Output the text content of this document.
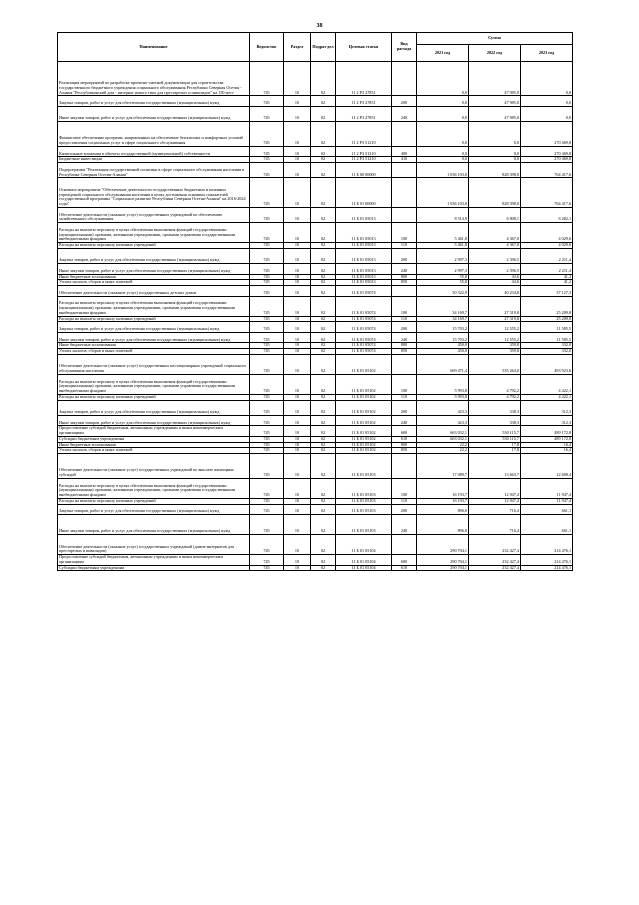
38
Наименование	Ведомство	Раздел	Подраз-дел	Целевая статья	Вид расхода	Сумма		
						2021 год	2022 год	2023 год
Реализация мероприятий по разработке проектно-сметной документации для строительства государственного бюджетного учреждения социального обслуживания Республики Северная Осетия - Алания "Республиканский дом - интернат нового типа для престарелых и инвалидов" на 150 мест	745	10	02	11 2 P3 27851		0,0	47 985,0	0,0
Закупка товаров, работ и услуг для обеспечения государственных (муниципальных) нужд	745	10	02	11 2 P3 27851	200	0,0	47 985,0	0,0
Иные закупки товаров, работ и услуг для обеспечения государственных (муниципальных) нужд	745	10	02	11 2 P3 27851	240	0,0	47 985,0	0,0
Финансовое обеспечение программ, направленных на обеспечение безопасных и комфортных условий предоставления социальных услуг в сфере социального обслуживания	745	10	02	11 2 P3 51210		0,0	0,0	270 469,8
Капитальные вложения в объекты государственной (муниципальной) собственности	745	10	02	11 2 P3 51210	400	0,0	0,0	270 469,8
Бюджетные инвестиции	745	10	02	11 2 P3 51210	410	0,0	0,0	270 469,8
Подпрограмма "Реализация государственной политики в сфере социального обслуживания населения в Республике Северная Осетия-Алания"	745	10	02	11 Б 00 00000		1 036 103,0	828 398,0	764 417,6
Основное мероприятие "Обеспечение деятельности государственных бюджетных и казенных учреждений социального обслуживания населения в целях достижения основных показателей государственной программы "Социальное развитие Республики Северная Осетия-Алания" на 2016-2024 годы"	745	10	02	11 Б 01 00000		1 036 103,0	828 398,0	764 417,6
Обеспечение деятельности (оказание услуг) государственных учреждений по обеспечению хозяйственного обслуживания	745	10	02	11 Б 01 05013		8 514,9	6 808,1	6 282,1
Расходы на выплаты персоналу в целях обеспечения выполнения функций государственными (муниципальными) органами, казенными учреждениями, органами управления государственными внебюджетными фондами	745	10	02	11 Б 01 05013	100	5 461,8	4 367,0	4 029,6
Расходы на выплаты персоналу казенных учреждений	745	10	02	11 Б 01 05013	110	5 461,8	4 367,0	4 029,6
Закупка товаров, работ и услуг для обеспечения государственных (муниципальных) нужд	745	10	02	11 Б 01 05013	200	2 997,3	2 396,5	2 211,4
Иные закупки товаров, работ и услуг для обеспечения государственных (муниципальных) нужд	745	10	02	11 Б 01 05013	240	2 997,3	2 396,5	2 211,4
Иные бюджетные ассигнования	745	10	02	11 Б 01 05013	800	55,8	44,6	41,2
Уплата налогов, сборов и иных платежей	745	10	02	11 Б 01 05013	850	55,8	44,6	41,2
Обеспечение деятельности (оказание услуг) государственных детских домов	745	10	02	11 Б 01 05074		50 322,9	40 234,8	37 127,3
Расходы на выплаты персоналу в целях обеспечения выполнения функций государственными (муниципальными) органами, казенными учреждениями, органами управления государственными внебюджетными фондами	745	10	02	11 Б 01 05074	100	34 169,7	27 319,8	25 209,8
Расходы на выплаты персоналу казенных учреждений	745	10	02	11 Б 01 05074	110	34 169,7	27 319,8	25 209,8
Закупка товаров, работ и услуг для обеспечения государственных (муниципальных) нужд	745	10	02	11 Б 01 05074	200	15 703,2	12 555,2	11 585,5
Иные закупки товаров, работ и услуг для обеспечения государственных (муниципальных) нужд	745	10	02	11 Б 01 05074	240	15 703,2	12 555,2	11 585,5
Иные бюджетные ассигнования	745	10	02	11 Б 01 05074	800	450,0	359,8	332,0
Уплата налогов, сборов и иных платежей	745	10	02	11 Б 01 05074	850	450,0	359,8	332,0
Обеспечение деятельности (оказание услуг) государственных нестационарных учреждений социального обслуживания населения	745	10	02	11 Б 01 05102		669 471,4	535 264,0	493 923,6
Расходы на выплаты персоналу в целях обеспечения выполнения функций государственными (муниципальными) органами, казенными учреждениями, органами управления государственными внебюджетными фондами	745	10	02	11 Б 01 05102	100	5 993,8	4 792,2	4 422,1
Расходы на выплаты персоналу казенных учреждений	745	10	02	11 Б 01 05102	110	5 993,8	4 792,2	4 422,1
Закупка товаров, работ и услуг для обеспечения государственных (муниципальных) нужд	745	10	02	11 Б 01 05102	200	423,3	338,3	312,3
Иные закупки товаров, работ и услуг для обеспечения государственных (муниципальных) нужд	745	10	02	11 Б 01 05102	240	423,3	338,3	312,3
Предоставление субсидий бюджетным, автономным учреждениям и иным некоммерческим организациям	745	10	02	11 Б 01 05102	600	663 032,1	530 115,7	489 172,8
Субсидии бюджетным учреждениям	745	10	02	11 Б 01 05102	610	663 032,1	530 115,7	489 172,8
Иные бюджетные ассигнования	745	10	02	11 Б 01 05102	800	22,2	17,8	16,4
Уплата налогов, сборов и иных платежей	745	10	02	11 Б 01 05102	850	22,2	17,8	16,4
Обеспечение деятельности (оказание услуг) государственных учреждений по выплате жилищных субсидий	745	10	02	11 Б 01 05103		17 089,7	13 663,7	12 608,4
Расходы на выплаты персоналу в целях обеспечения выполнения функций государственными (муниципальными) органами, казенными учреждениями, органами управления государственными внебюджетными фондами	745	10	02	11 Б 01 05103	100	16 193,7	12 947,4	11 947,4
Расходы на выплаты персоналу казенных учреждений	745	10	02	11 Б 01 05103	110	16 193,7	12 947,4	11 947,4
Закупка товаров, работ и услуг для обеспечения государственных (муниципальных) нужд	745	10	02	11 Б 01 05103	200	896,0	716,4	661,1
Иные закупки товаров, работ и услуг для обеспечения государственных (муниципальных) нужд	745	10	02	11 Б 01 05103	240	896,0	716,4	661,1
Обеспечение деятельности (оказание услуг) государственных учреждений (домов-интернатов для престарелых и инвалидов)	745	10	02	11 Б 01 05104		290 704,1	232 427,4	214 476,1
Предоставление субсидий бюджетным, автономным учреждениям и иным некоммерческим организациям	745	10	02	11 Б 01 05104	600	290 704,1	232 427,4	214 476,1
Субсидии бюджетным учреждениям	745	10	02	11 Б 01 05104	610	290 704,1	232 427,4	214 476,1
